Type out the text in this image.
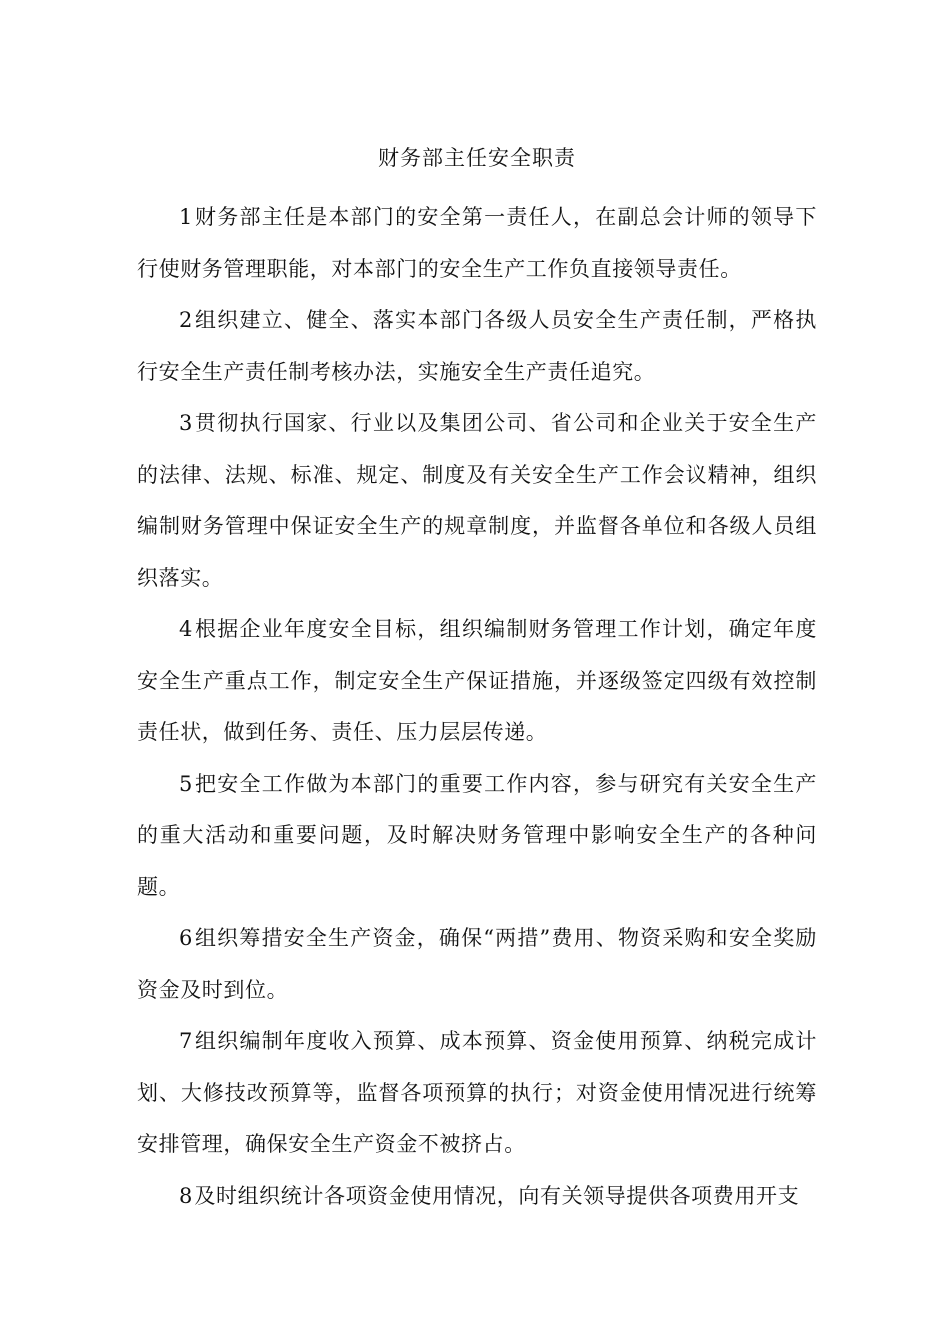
财务部主任安全职责

1财务部主任是本部门的安全第一责任人，在副总会计师的领导下行使财务管理职能，对本部门的安全生产工作负直接领导责任。

2组织建立、健全、落实本部门各级人员安全生产责任制，严格执行安全生产责任制考核办法，实施安全生产责任追究。

3贯彻执行国家、行业以及集团公司、省公司和企业关于安全生产的法律、法规、标准、规定、制度及有关安全生产工作会议精神，组织编制财务管理中保证安全生产的规章制度，并监督各单位和各级人员组织落实。

4根据企业年度安全目标，组织编制财务管理工作计划，确定年度安全生产重点工作，制定安全生产保证措施，并逐级签定四级有效控制责任状，做到任务、责任、压力层层传递。

5把安全工作做为本部门的重要工作内容，参与研究有关安全生产的重大活动和重要问题，及时解决财务管理中影响安全生产的各种问题。

6组织筹措安全生产资金，确保“两措”费用、物资采购和安全奖励资金及时到位。

7组织编制年度收入预算、成本预算、资金使用预算、纳税完成计划、大修技改预算等，监督各项预算的执行；对资金使用情况进行统筹安排管理，确保安全生产资金不被挤占。

8及时组织统计各项资金使用情况，向有关领导提供各项费用开支
